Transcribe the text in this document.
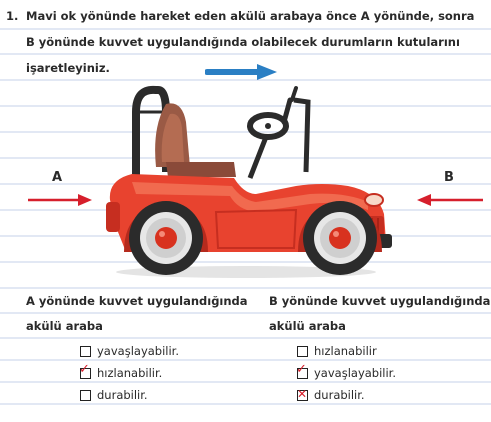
1. Mavi ok yönünde hareket eden akülü arabaya önce A yönünde, sonra
B yönünde kuvvet uygulandığında olabilecek durumların kutularını
işaretleyiniz.
A	B
A yönünde kuvvet uygulandığında
akülü araba
B yönünde kuvvet uygulandığında
akülü araba
yavaşlayabilir.
✓ hızlanabilir.
durabilir.
hızlanabilir
✓ yavaşlayabilir.
✕ durabilir.
